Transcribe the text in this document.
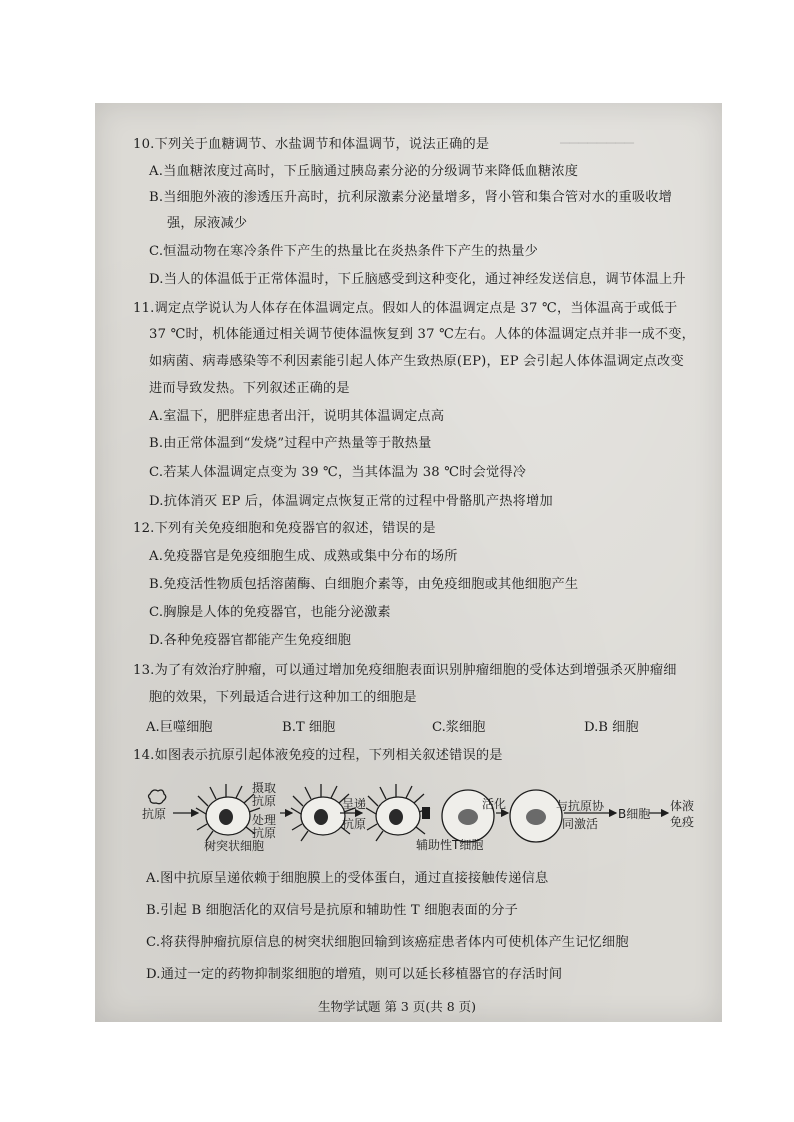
▁▁▁▁▁▁▁▁
10.下列关于血糖调节、水盐调节和体温调节，说法正确的是
A.当血糖浓度过高时，下丘脑通过胰岛素分泌的分级调节来降低血糖浓度
B.当细胞外液的渗透压升高时，抗利尿激素分泌量增多，肾小管和集合管对水的重吸收增
强，尿液减少
C.恒温动物在寒冷条件下产生的热量比在炎热条件下产生的热量少
D.当人的体温低于正常体温时，下丘脑感受到这种变化，通过神经发送信息，调节体温上升
11.调定点学说认为人体存在体温调定点。假如人的体温调定点是 37 ℃，当体温高于或低于
37 ℃时，机体能通过相关调节使体温恢复到 37 ℃左右。人体的体温调定点并非一成不变，
如病菌、病毒感染等不利因素能引起人体产生致热原(EP)，EP 会引起人体体温调定点改变
进而导致发热。下列叙述正确的是
A.室温下，肥胖症患者出汗，说明其体温调定点高
B.由正常体温到“发烧”过程中产热量等于散热量
C.若某人体温调定点变为 39 ℃，当其体温为 38 ℃时会觉得冷
D.抗体消灭 EP 后，体温调定点恢复正常的过程中骨骼肌产热将增加
12.下列有关免疫细胞和免疫器官的叙述，错误的是
A.免疫器官是免疫细胞生成、成熟或集中分布的场所
B.免疫活性物质包括溶菌酶、白细胞介素等，由免疫细胞或其他细胞产生
C.胸腺是人体的免疫器官，也能分泌激素
D.各种免疫器官都能产生免疫细胞
13.为了有效治疗肿瘤，可以通过增加免疫细胞表面识别肿瘤细胞的受体达到增强杀灭肿瘤细
胞的效果，下列最适合进行这种加工的细胞是
A.巨噬细胞	B.T 细胞	C.浆细胞	D.B 细胞
14.如图表示抗原引起体液免疫的过程，下列相关叙述错误的是
抗原
摄取
抗原
处理
抗原
树突状细胞
呈递
抗原
辅助性T细胞
活化	与抗原协
同激活
B细胞
体液
免疫
A.图中抗原呈递依赖于细胞膜上的受体蛋白，通过直接接触传递信息
B.引起 B 细胞活化的双信号是抗原和辅助性 T 细胞表面的分子
C.将获得肿瘤抗原信息的树突状细胞回输到该癌症患者体内可使机体产生记忆细胞
D.通过一定的药物抑制浆细胞的增殖，则可以延长移植器官的存活时间
生物学试题 第 3 页(共 8 页)
